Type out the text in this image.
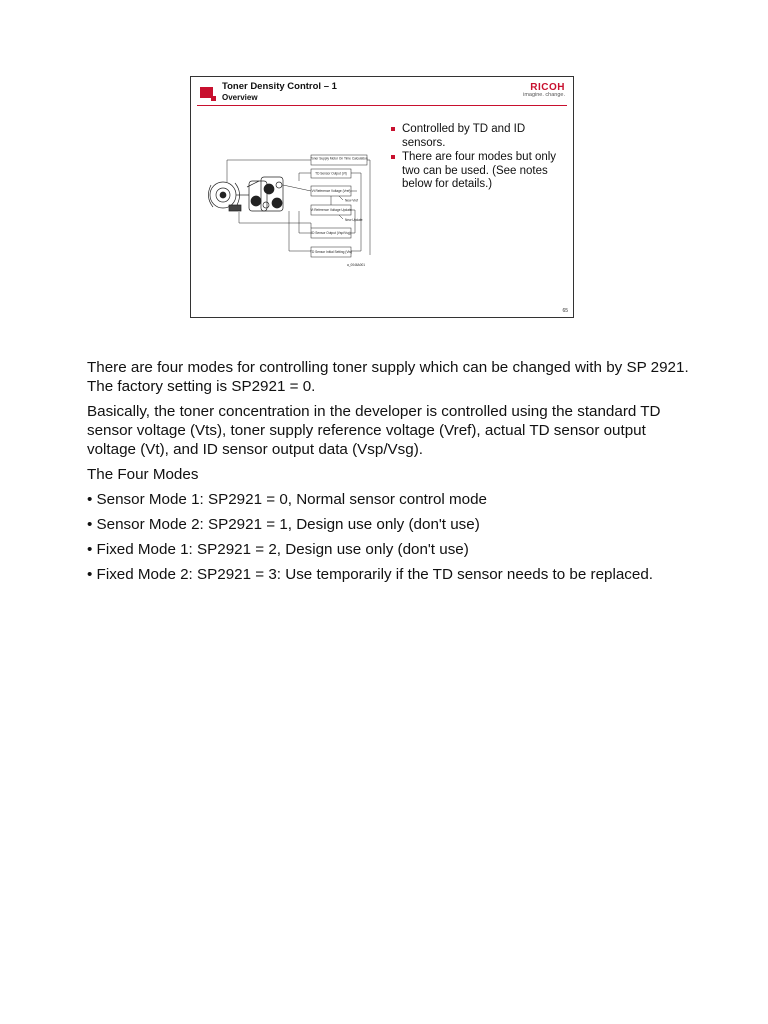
Toner Density Control – 1
Overview
RICOH
imagine. change.
Toner Supply Motor On Time Calculation
TD Sensor Output (Vt)
Vt Reference Voltage (Vref)
Vt Reference Voltage Update
ID Sensor Output (Vsp/Vsg)
TD Sensor Initial Setting (Vts)
New Vref
New Update
a_0046A001
Controlled by TD and ID sensors.
There are four modes but only two can be used. (See notes below for details.)
65

There are four modes for controlling toner supply which can be changed with by SP 2921. The factory setting is SP2921 = 0.

Basically, the toner concentration in the developer is controlled using the standard TD sensor voltage (Vts), toner supply reference voltage (Vref), actual TD sensor output voltage (Vt), and ID sensor output data (Vsp/Vsg).

The Four Modes

• Sensor Mode 1: SP2921 = 0, Normal sensor control mode

• Sensor Mode 2: SP2921 = 1, Design use only (don't use)

• Fixed Mode 1: SP2921 = 2, Design use only (don't use)

• Fixed Mode 2: SP2921 = 3: Use temporarily if the TD sensor needs to be replaced.
